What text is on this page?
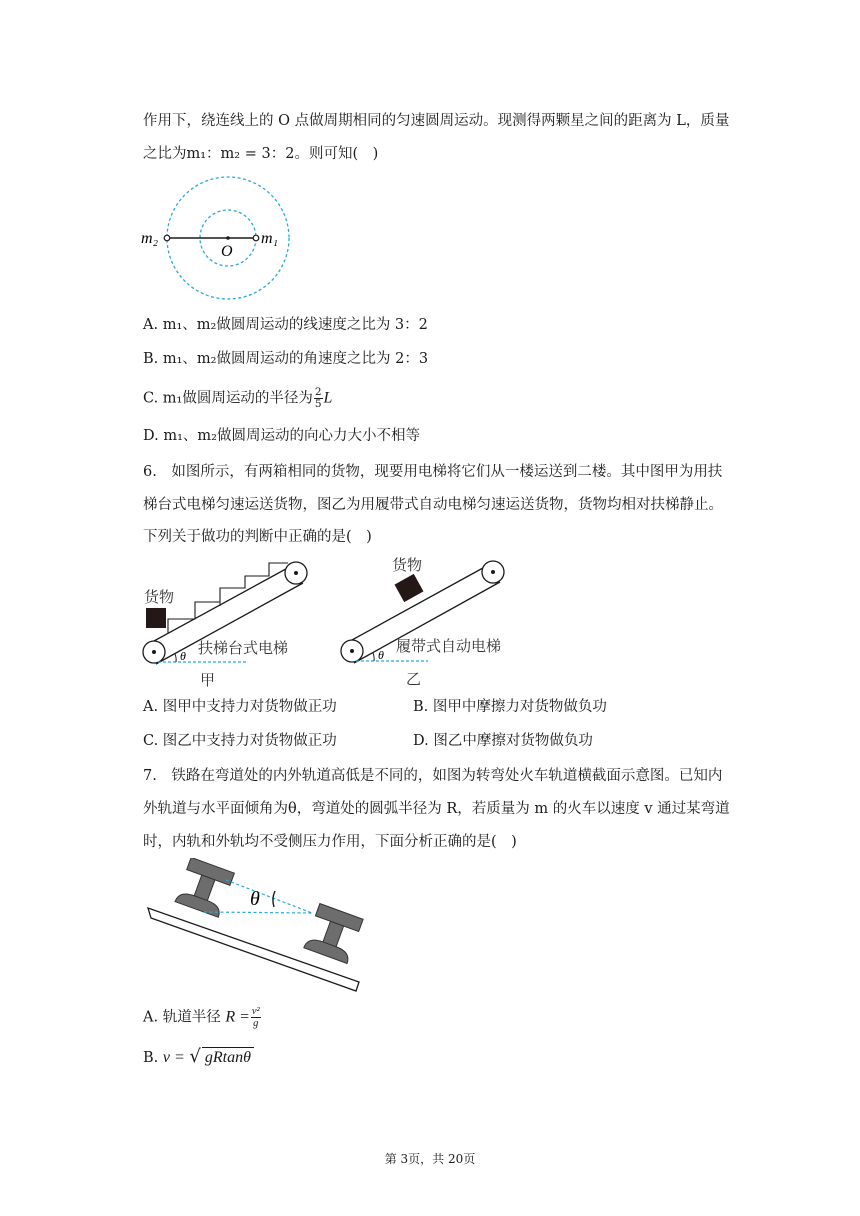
作用下，绕连线上的 O 点做周期相同的匀速圆周运动。现测得两颗星之间的距离为 L，质量
之比为m₁：m₂ = 3：2。则可知(　)
m₂
O
m₁
A. m₁、m₂做圆周运动的线速度之比为 3：2
B. m₁、m₂做圆周运动的角速度之比为 2：3
C. m₁做圆周运动的半径为 $\frac{2}{5}$ L
D. m₁、m₂做圆周运动的向心力大小不相等
6.　如图所示，有两箱相同的货物，现要用电梯将它们从一楼运送到二楼。其中图甲为用扶
梯台式电梯匀速运送货物，图乙为用履带式自动电梯匀速运送货物，货物均相对扶梯静止。
下列关于做功的判断中正确的是(　)
货物
θ 扶梯台式电梯
甲
货物
θ 履带式自动电梯
乙
A. 图甲中支持力对货物做正功	B. 图甲中摩擦力对货物做负功
C. 图乙中支持力对货物做正功	D. 图乙中摩擦对货物做负功
7.　铁路在弯道处的内外轨道高低是不同的，如图为转弯处火车轨道横截面示意图。已知内
外轨道与水平面倾角为θ，弯道处的圆弧半径为 R，若质量为 m 的火车以速度 v 通过某弯道
时，内轨和外轨均不受侧压力作用，下面分析正确的是(　)
θ
A. 轨道半径 $R = \frac{\text{v²}}{g}$
B. v = √ gRtanθ
第 3页，共 20页
